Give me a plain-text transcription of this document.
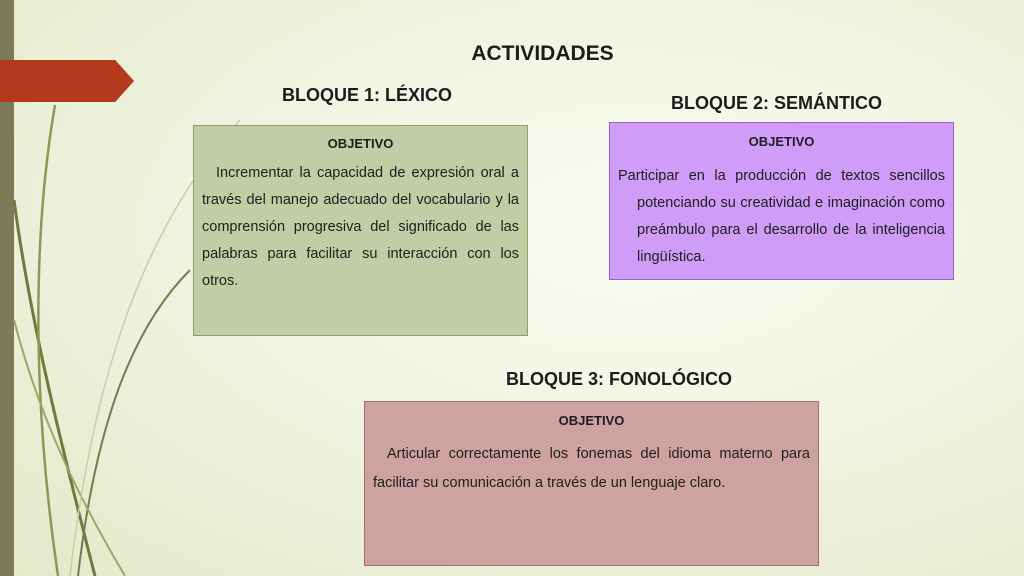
ACTIVIDADES
BLOQUE 1: LÉXICO	BLOQUE 2: SEMÁNTICO
BLOQUE 3: FONOLÓGICO
OBJETIVO
Incrementar la capacidad de expresión oral a través del manejo adecuado del vocabulario y la comprensión progresiva del significado de las palabras para facilitar su interacción con los otros.
OBJETIVO
Participar en la producción de textos sencillos potenciando su creatividad e imaginación como preámbulo para el desarrollo de la inteligencia lingüística.
OBJETIVO
Articular correctamente los fonemas del idioma materno para facilitar su comunicación a través de un lenguaje claro.
